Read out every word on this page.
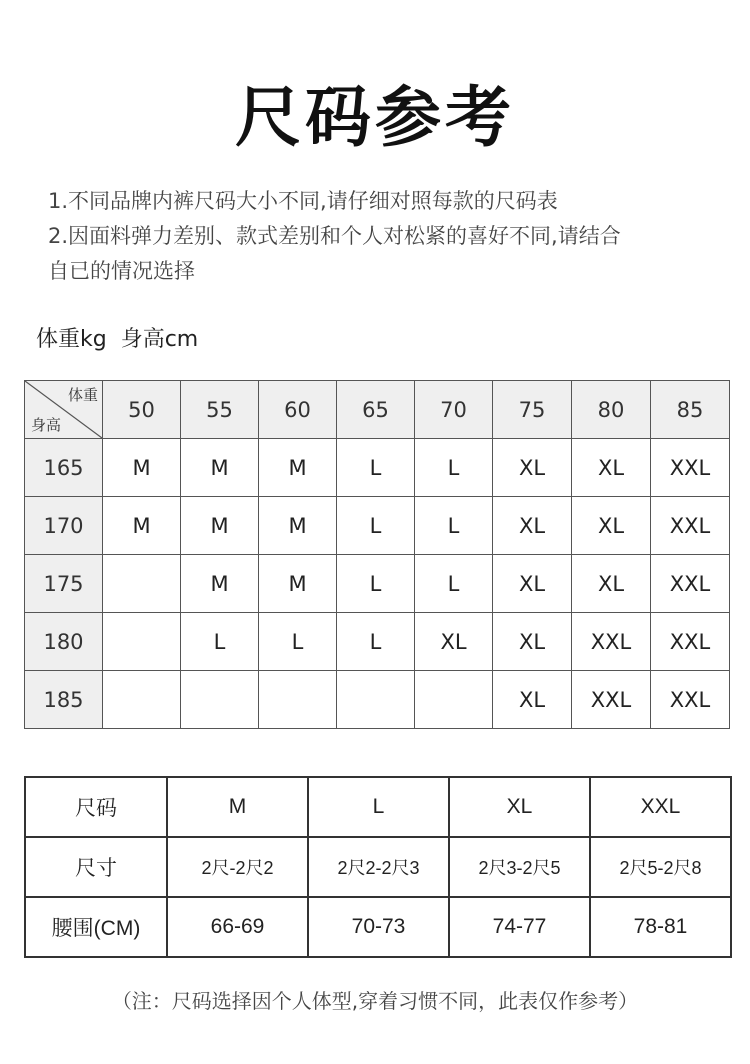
尺码参考
1.不同品牌内裤尺码大小不同,请仔细对照每款的尺码表
2.因面料弹力差别、款式差别和个人对松紧的喜好不同,请结合
自已的情况选择
体重kg  身高cm
体重
身高	50	55	60	65	70	75	80	85
165	M	M	M	L	L	XL	XL	XXL
170	M	M	M	L	L	XL	XL	XXL
175		M	M	L	L	XL	XL	XXL
180		L	L	L	XL	XL	XXL	XXL
185						XL	XXL	XXL
尺码	M	L	XL	XXL
尺寸	2尺-2尺2	2尺2-2尺3	2尺3-2尺5	2尺5-2尺8
腰围(CM)	66-69	70-73	74-77	78-81
（注：尺码选择因个人体型,穿着习惯不同，此表仅作参考）
